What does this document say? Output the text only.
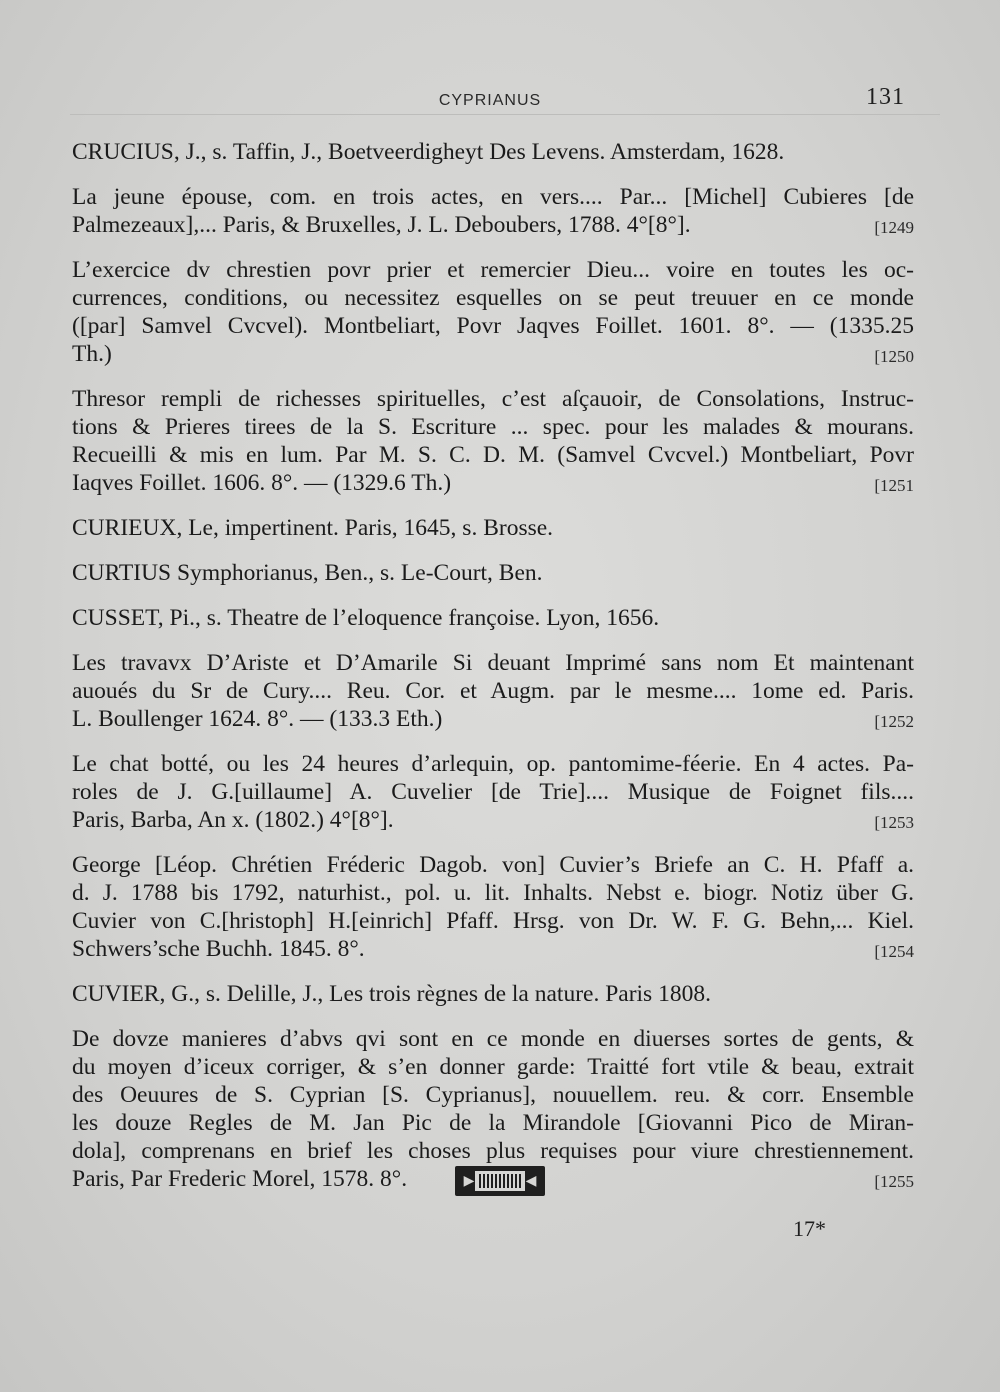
CYPRIANUS	131
CRUCIUS, J., s. Taffin, J., Boetveerdigheyt Des Levens. Amsterdam, 1628.
La jeune épouse, com. en trois actes, en vers.... Par... [Michel] Cubieres [de
Palmezeaux],... Paris, & Bruxelles, J. L. Deboubers, 1788. 4°[8°].	[1249
L’exercice dv chrestien povr prier et remercier Dieu... voire en toutes les oc-
currences, conditions, ou necessitez esquelles on se peut treuuer en ce monde
([par] Samvel Cvcvel). Montbeliart, Povr Jaqves Foillet. 1601. 8°. — (1335.25
Th.)	[1250
Thresor rempli de richesses spirituelles, c’est aſçauoir, de Consolations, Instruc-
tions & Prieres tirees de la S. Escriture ... spec. pour les malades & mourans.
Recueilli & mis en lum. Par M. S. C. D. M. (Samvel Cvcvel.) Montbeliart, Povr
Iaqves Foillet. 1606. 8°. — (1329.6 Th.)	[1251
CURIEUX, Le, impertinent. Paris, 1645, s. Brosse.
CURTIUS Symphorianus, Ben., s. Le-Court, Ben.
CUSSET, Pi., s. Theatre de l’eloquence françoise. Lyon, 1656.
Les travavx D’Ariste et D’Amarile Si deuant Imprimé sans nom Et maintenant
auoués du Sr de Cury.... Reu. Cor. et Augm. par le mesme.... 1ome ed. Paris.
L. Boullenger 1624. 8°. — (133.3 Eth.)	[1252
Le chat botté, ou les 24 heures d’arlequin, op. pantomime-féerie. En 4 actes. Pa-
roles de J. G.[uillaume] A. Cuvelier [de Trie].... Musique de Foignet fils....
Paris, Barba, An x. (1802.) 4°[8°].	[1253
George [Léop. Chrétien Fréderic Dagob. von] Cuvier’s Briefe an C. H. Pfaff a.
d. J. 1788 bis 1792, naturhist., pol. u. lit. Inhalts. Nebst e. biogr. Notiz über G.
Cuvier von C.[hristoph] H.[einrich] Pfaff. Hrsg. von Dr. W. F. G. Behn,... Kiel.
Schwers’sche Buchh. 1845. 8°.	[1254
CUVIER, G., s. Delille, J., Les trois règnes de la nature. Paris 1808.
De dovze manieres d’abvs qvi sont en ce monde en diuerses sortes de gents, &
du moyen d’iceux corriger, & s’en donner garde: Traitté fort vtile & beau, extrait
des Oeuures de S. Cyprian [S. Cyprianus], nouuellem. reu. & corr. Ensemble
les douze Regles de M. Jan Pic de la Mirandole [Giovanni Pico de Miran-
dola], comprenans en brief les choses plus requises pour viure chrestiennement.
Paris, Par Frederic Morel, 1578. 8°.	[1255
▶	◀
17*
